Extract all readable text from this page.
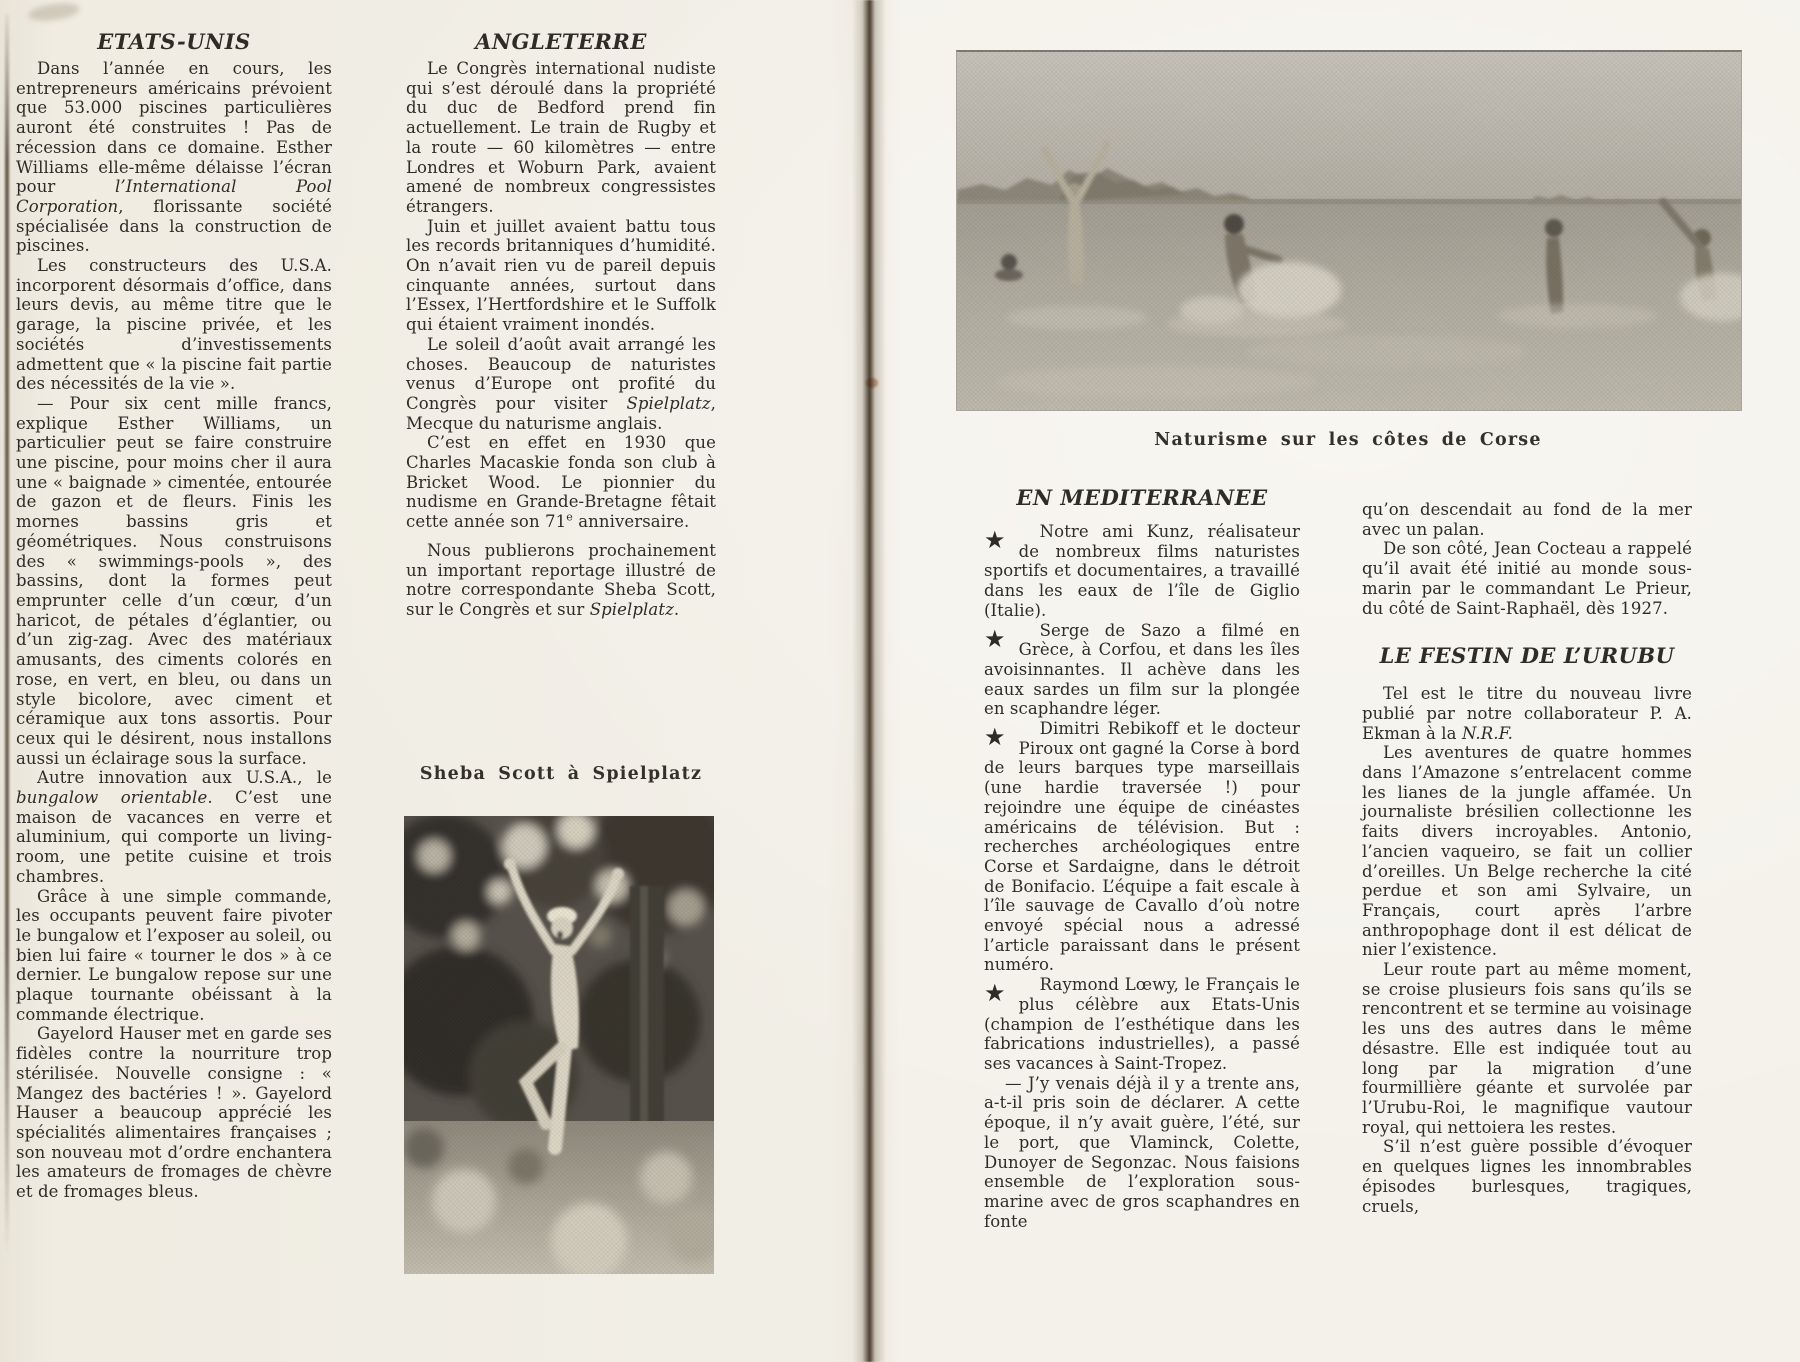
ETATS-UNIS

Dans l’année en cours, les entrepreneurs américains prévoient que 53.000 piscines particulières auront été construites ! Pas de récession dans ce domaine. Esther Williams elle-même délaisse l’écran pour l’International Pool Corporation, florissante société spécialisée dans la construction de piscines.

Les constructeurs des U.S.A. incorporent désormais d’office, dans leurs devis, au même titre que le garage, la piscine privée, et les sociétés d’investissements admettent que « la piscine fait partie des nécessités de la vie ».

— Pour six cent mille francs, explique Esther Williams, un particulier peut se faire construire une piscine, pour moins cher il aura une « baignade » cimentée, entourée de gazon et de fleurs. Finis les mornes bassins gris et géométriques. Nous construisons des « swimmings-pools », des bassins, dont la formes peut emprunter celle d’un cœur, d’un haricot, de pétales d’églantier, ou d’un zig-zag. Avec des matériaux amusants, des ciments colorés en rose, en vert, en bleu, ou dans un style bicolore, avec ciment et céramique aux tons assortis. Pour ceux qui le désirent, nous installons aussi un éclairage sous la surface.

Autre innovation aux U.S.A., le bungalow orientable. C’est une maison de vacances en verre et aluminium, qui comporte un living-room, une petite cuisine et trois chambres.

Grâce à une simple commande, les occupants peuvent faire pivoter le bungalow et l’exposer au soleil, ou bien lui faire « tourner le dos » à ce dernier. Le bungalow repose sur une plaque tournante obéissant à la commande électrique.

Gayelord Hauser met en garde ses fidèles contre la nourriture trop stérilisée. Nouvelle consigne : « Mangez des bactéries ! ». Gayelord Hauser a beaucoup apprécié les spécialités alimentaires françaises ; son nouveau mot d’ordre enchantera les amateurs de fromages de chèvre et de fromages bleus.

ANGLETERRE

Le Congrès international nudiste qui s’est déroulé dans la propriété du duc de Bedford prend fin actuellement. Le train de Rugby et la route — 60 kilomètres — entre Londres et Woburn Park, avaient amené de nombreux congressistes étrangers.

Juin et juillet avaient battu tous les records britanniques d’humidité. On n’avait rien vu de pareil depuis cinquante années, surtout dans l’Essex, l’Hertfordshire et le Suffolk qui étaient vraiment inondés.

Le soleil d’août avait arrangé les choses. Beaucoup de naturistes venus d’Europe ont profité du Congrès pour visiter Spielplatz, Mecque du naturisme anglais.

C’est en effet en 1930 que Charles Macaskie fonda son club à Bricket Wood. Le pionnier du nudisme en Grande-Bretagne fêtait cette année son 71e anniversaire.

Nous publierons prochainement un important reportage illustré de notre correspondante Sheba Scott, sur le Congrès et sur Spielplatz.

Sheba Scott à Spielplatz
Naturisme sur les côtes de Corse
EN MEDITERRANEE

★ Notre ami Kunz, réalisateur de nombreux films naturistes sportifs et documentaires, a travaillé dans les eaux de l’île de Giglio (Italie).

★ Serge de Sazo a filmé en Grèce, à Corfou, et dans les îles avoisinnantes. Il achève dans les eaux sardes un film sur la plongée en scaphandre léger.

★ Dimitri Rebikoff et le docteur Piroux ont gagné la Corse à bord de leurs barques type marseillais (une hardie traversée !) pour rejoindre une équipe de cinéastes américains de télévision. But : recherches archéologiques entre Corse et Sardaigne, dans le détroit de Bonifacio. L’équipe a fait escale à l’île sauvage de Cavallo d’où notre envoyé spécial nous a adressé l’article paraissant dans le présent numéro.

★ Raymond Lœwy, le Français le plus célèbre aux Etats-Unis (champion de l’esthétique dans les fabrications industrielles), a passé ses vacances à Saint-Tropez.

— J’y venais déjà il y a trente ans, a-t-il pris soin de déclarer. A cette époque, il n’y avait guère, l’été, sur le port, que Vlaminck, Colette, Dunoyer de Segonzac. Nous faisions ensemble de l’exploration sous-marine avec de gros scaphandres en fonte

qu’on descendait au fond de la mer avec un palan.

De son côté, Jean Cocteau a rappelé qu’il avait été initié au monde sous-marin par le commandant Le Prieur, du côté de Saint-Raphaël, dès 1927.

LE FESTIN DE L’URUBU

Tel est le titre du nouveau livre publié par notre collaborateur P. A. Ekman à la N.R.F.

Les aventures de quatre hommes dans l’Amazone s’entrelacent comme les lianes de la jungle affamée. Un journaliste brésilien collectionne les faits divers incroyables. Antonio, l’ancien vaqueiro, se fait un collier d’oreilles. Un Belge recherche la cité perdue et son ami Sylvaire, un Français, court après l’arbre anthropophage dont il est délicat de nier l’existence.

Leur route part au même moment, se croise plusieurs fois sans qu’ils se rencontrent et se termine au voisinage les uns des autres dans le même désastre. Elle est indiquée tout au long par la migration d’une fourmillière géante et survolée par l’Urubu-Roi, le magnifique vautour royal, qui nettoiera les restes.

S’il n’est guère possible d’évoquer en quelques lignes les innombrables épisodes burlesques, tragiques, cruels,
